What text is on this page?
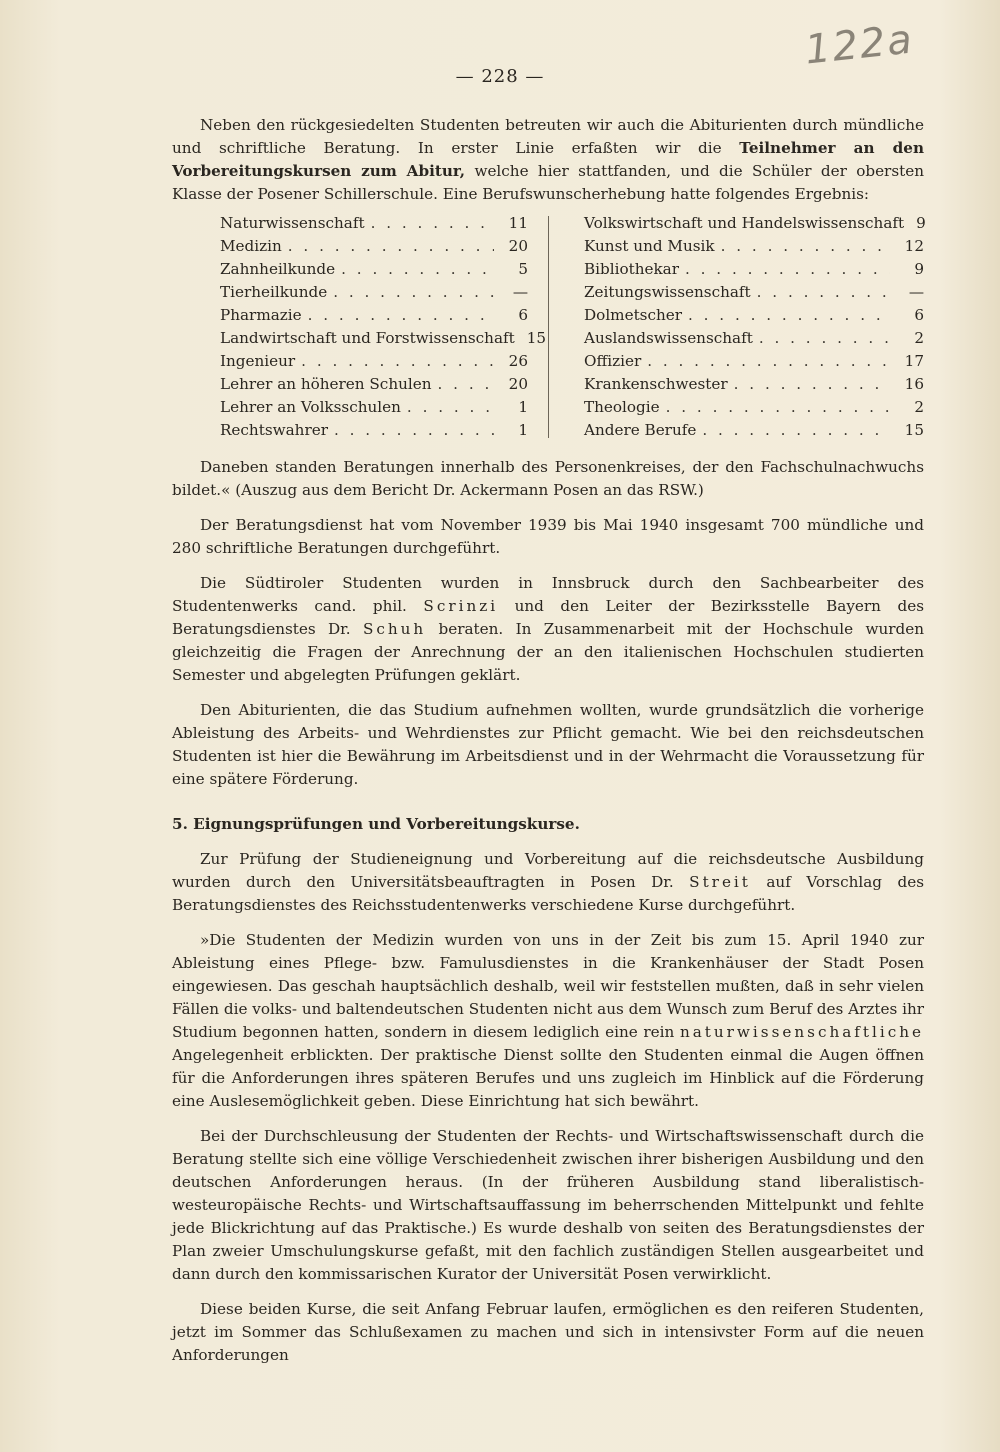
122a
— 228 —

Neben den rückgesiedelten Studenten betreuten wir auch die Abiturienten durch mündliche und schriftliche Beratung. In erster Linie erfaßten wir die Teilnehmer an den Vorbereitungskursen zum Abitur, welche hier stattfanden, und die Schüler der obersten Klasse der Posener Schillerschule. Eine Berufswunscherhebung hatte folgendes Ergebnis:

Naturwissenschaft . . .	11
Medizin . . .	20
Zahnheilkunde . . .	5
Tierheilkunde . . .	—
Pharmazie . . .	6
Landwirtschaft und Forstwissenschaft 15
Ingenieur . . .	26
Lehrer an höheren Schulen . . .	20
Lehrer an Volksschulen . . .	1
Rechtswahrer . . .	1
Volkswirtschaft und Handelswissenschaft 9
Kunst und Musik . . .	12
Bibliothekar . . .	9
Zeitungswissenschaft . . .	—
Dolmetscher . . .	6
Auslandswissenschaft . . .	2
Offizier . . .	17
Krankenschwester . . .	16
Theologie . . .	2
Andere Berufe . . .	15

Daneben standen Beratungen innerhalb des Personenkreises, der den Fachschulnachwuchs bildet.« (Auszug aus dem Bericht Dr. Ackermann Posen an das RSW.)

Der Beratungsdienst hat vom November 1939 bis Mai 1940 insgesamt 700 mündliche und 280 schriftliche Beratungen durchgeführt.

Die Südtiroler Studenten wurden in Innsbruck durch den Sachbearbeiter des Studentenwerks cand. phil. Scrinzi und den Leiter der Bezirksstelle Bayern des Beratungsdienstes Dr. Schuh beraten. In Zusammenarbeit mit der Hochschule wurden gleichzeitig die Fragen der Anrechnung der an den italienischen Hochschulen studierten Semester und abgelegten Prüfungen geklärt.

Den Abiturienten, die das Studium aufnehmen wollten, wurde grundsätzlich die vorherige Ableistung des Arbeits- und Wehrdienstes zur Pflicht gemacht. Wie bei den reichsdeutschen Studenten ist hier die Bewährung im Arbeitsdienst und in der Wehrmacht die Voraussetzung für eine spätere Förderung.

5. Eignungsprüfungen und Vorbereitungskurse.

Zur Prüfung der Studieneignung und Vorbereitung auf die reichsdeutsche Ausbildung wurden durch den Universitätsbeauftragten in Posen Dr. Streit auf Vorschlag des Beratungsdienstes des Reichsstudentenwerks verschiedene Kurse durchgeführt.

»Die Studenten der Medizin wurden von uns in der Zeit bis zum 15. April 1940 zur Ableistung eines Pflege- bzw. Famulusdienstes in die Krankenhäuser der Stadt Posen eingewiesen. Das geschah hauptsächlich deshalb, weil wir feststellen mußten, daß in sehr vielen Fällen die volks- und baltendeutschen Studenten nicht aus dem Wunsch zum Beruf des Arztes ihr Studium begonnen hatten, sondern in diesem lediglich eine rein naturwissenschaftliche Angelegenheit erblickten. Der praktische Dienst sollte den Studenten einmal die Augen öffnen für die Anforderungen ihres späteren Berufes und uns zugleich im Hinblick auf die Förderung eine Auslesemöglichkeit geben. Diese Einrichtung hat sich bewährt.

Bei der Durchschleusung der Studenten der Rechts- und Wirtschaftswissenschaft durch die Beratung stellte sich eine völlige Verschiedenheit zwischen ihrer bisherigen Ausbildung und den deutschen Anforderungen heraus. (In der früheren Ausbildung stand liberalistisch-westeuropäische Rechts- und Wirtschaftsauffassung im beherrschenden Mittelpunkt und fehlte jede Blickrichtung auf das Praktische.) Es wurde deshalb von seiten des Beratungsdienstes der Plan zweier Umschulungskurse gefaßt, mit den fachlich zuständigen Stellen ausgearbeitet und dann durch den kommissarischen Kurator der Universität Posen verwirklicht.

Diese beiden Kurse, die seit Anfang Februar laufen, ermöglichen es den reiferen Studenten, jetzt im Sommer das Schlußexamen zu machen und sich in intensivster Form auf die neuen Anforderungen
